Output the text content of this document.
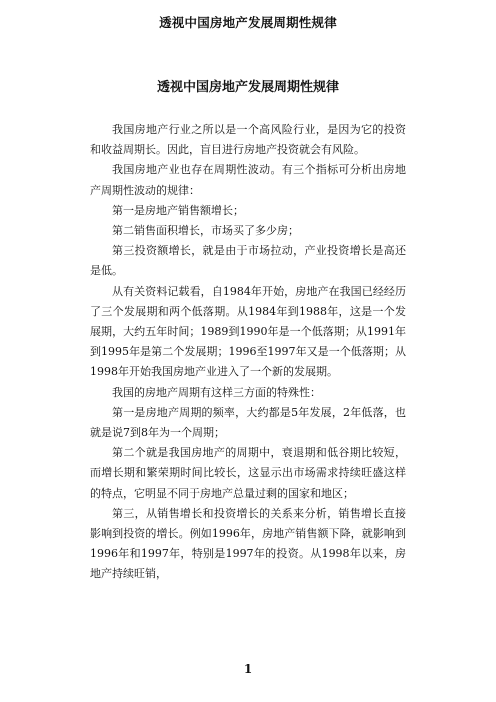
透视中国房地产发展周期性规律
透视中国房地产发展周期性规律

我国房地产行业之所以是一个高风险行业，是因为它的投资和收益周期长。因此，盲目进行房地产投资就会有风险。

我国房地产业也存在周期性波动。有三个指标可分析出房地产周期性波动的规律：

第一是房地产销售额增长；

第二销售面积增长，市场买了多少房；

第三投资额增长，就是由于市场拉动，产业投资增长是高还是低。

从有关资料记载看，自1984年开始，房地产在我国已经经历了三个发展期和两个低落期。从1984年到1988年，这是一个发展期，大约五年时间；1989到1990年是一个低落期；从1991年到1995年是第二个发展期；1996至1997年又是一个低落期；从1998年开始我国房地产业进入了一个新的发展期。

我国的房地产周期有这样三方面的特殊性：

第一是房地产周期的频率，大约都是5年发展，2年低落，也就是说7到8年为一个周期；

第二个就是我国房地产的周期中，衰退期和低谷期比较短，而增长期和繁荣期时间比较长，这显示出市场需求持续旺盛这样的特点，它明显不同于房地产总量过剩的国家和地区；

第三，从销售增长和投资增长的关系来分析，销售增长直接影响到投资的增长。例如1996年，房地产销售额下降，就影响到1996年和1997年，特别是1997年的投资。从1998年以来，房地产持续旺销，

1
